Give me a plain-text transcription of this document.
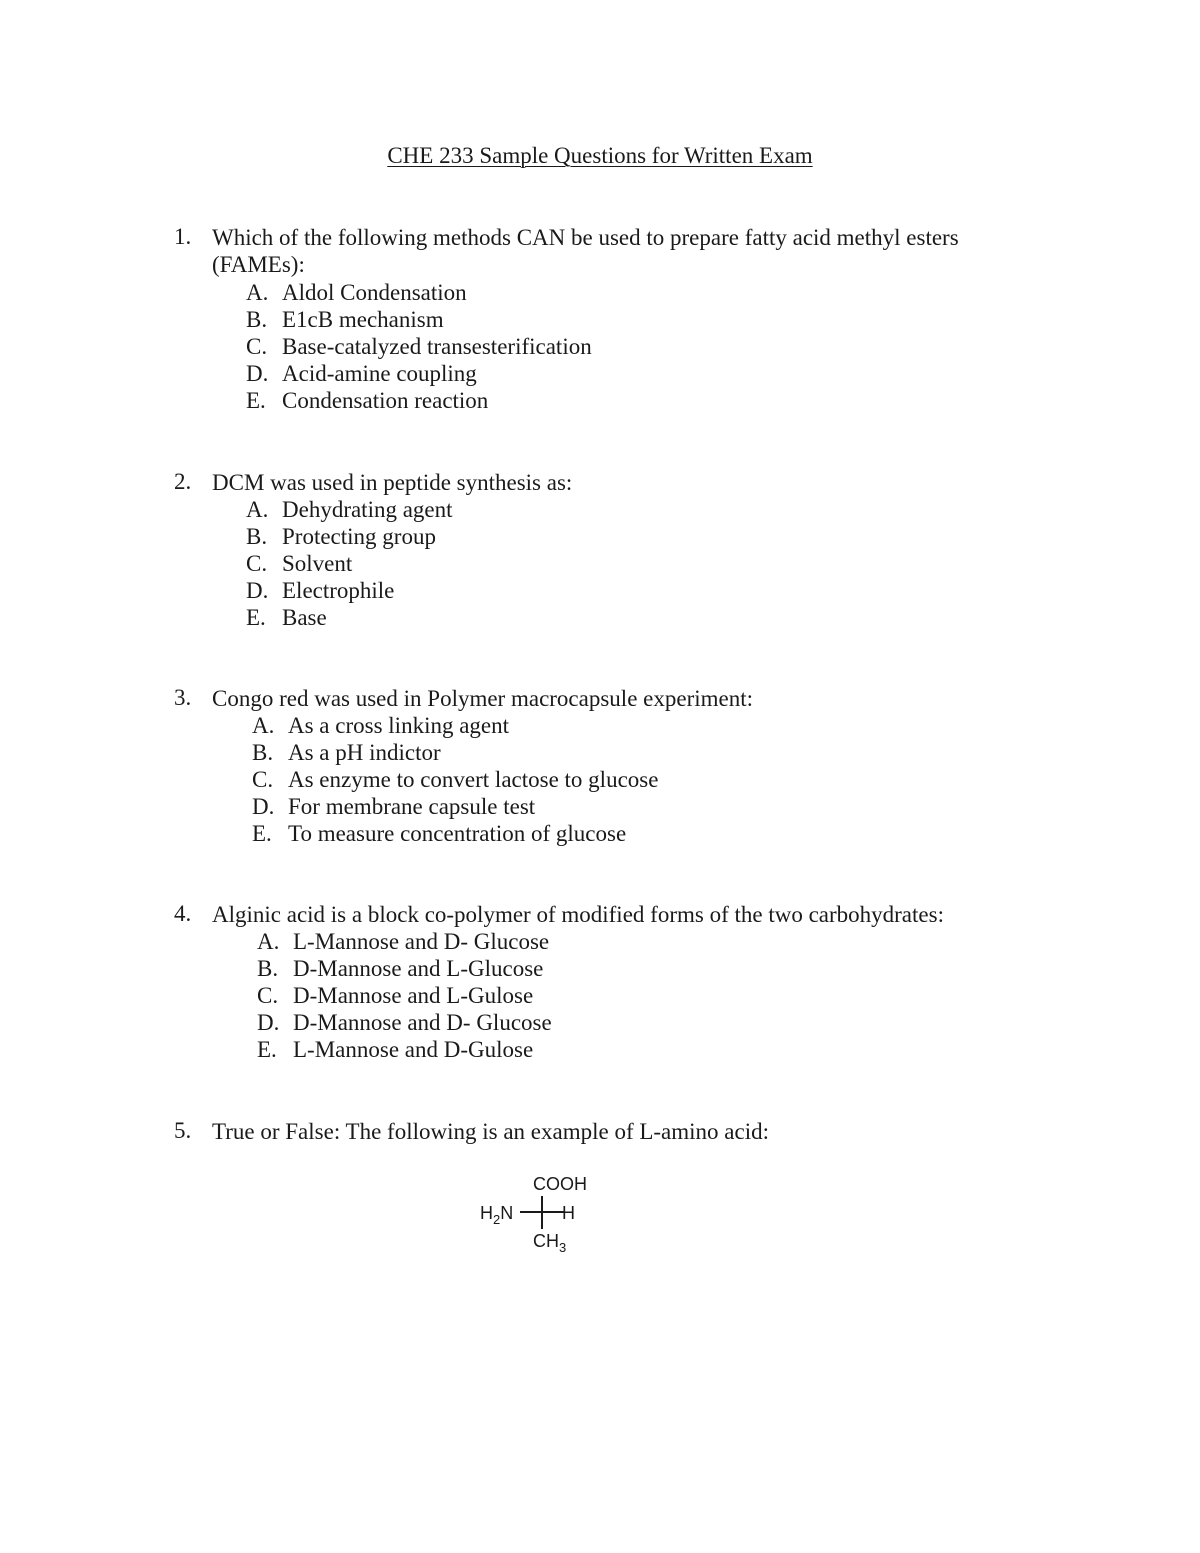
CHE 233 Sample Questions for Written Exam
1. Which of the following methods CAN be used to prepare fatty acid methyl esters (FAMEs):
A. Aldol Condensation
B. E1cB mechanism
C. Base-catalyzed transesterification
D. Acid-amine coupling
E. Condensation reaction
2. DCM was used in peptide synthesis as:
A. Dehydrating agent
B. Protecting group
C. Solvent
D. Electrophile
E. Base
3. Congo red was used in Polymer macrocapsule experiment:
A. As a cross linking agent
B. As a pH indictor
C. As enzyme to convert lactose to glucose
D. For membrane capsule test
E. To measure concentration of glucose
4. Alginic acid is a block co-polymer of modified forms of the two carbohydrates:
A. L-Mannose and D- Glucose
B. D-Mannose and L-Glucose
C. D-Mannose and L-Gulose
D. D-Mannose and D- Glucose
E. L-Mannose and D-Gulose
5. True or False: The following is an example of L-amino acid:
COOH
$H_2N$	H
$CH_3$
